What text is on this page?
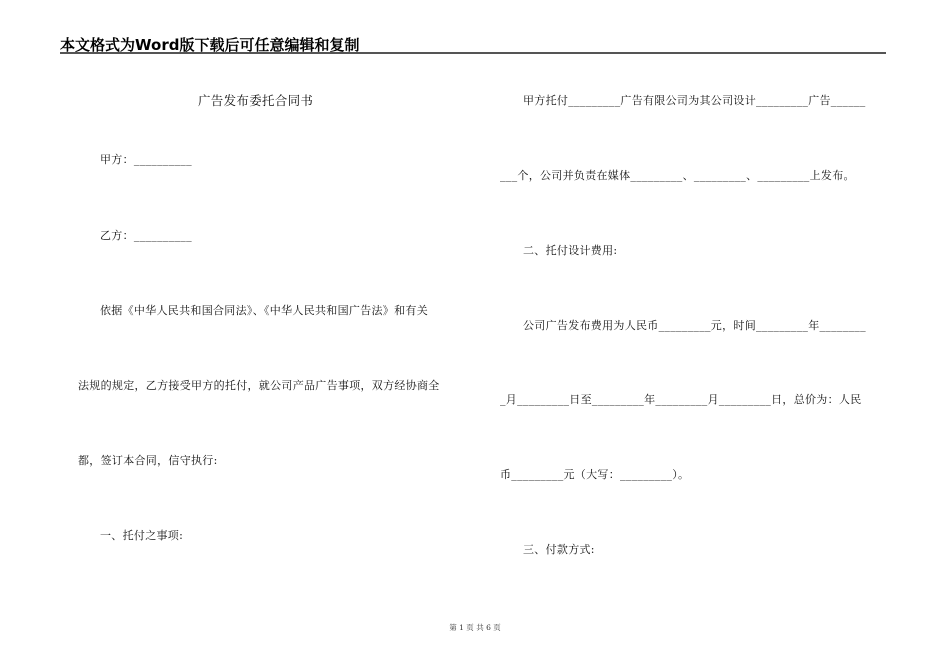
本文格式为Word版下载后可任意编辑和复制
广告发布委托合同书
甲方：__________
乙方：__________
依据《中华人民共和国合同法》、《中华人民共和国广告法》和有关
法规的规定，乙方接受甲方的托付，就公司产品广告事项，双方经协商全
都，签订本合同，信守执行:
一、托付之事项:
甲方托付_________广告有限公司为其公司设计_________广告______
___个，公司并负责在媒体_________、_________、_________上发布。
二、托付设计费用:
公司广告发布费用为人民币_________元，时间_________年________
_月_________日至_________年_________月_________日，总价为：人民
币_________元（大写：_________）。
三、付款方式:
第 1 页 共 6 页
